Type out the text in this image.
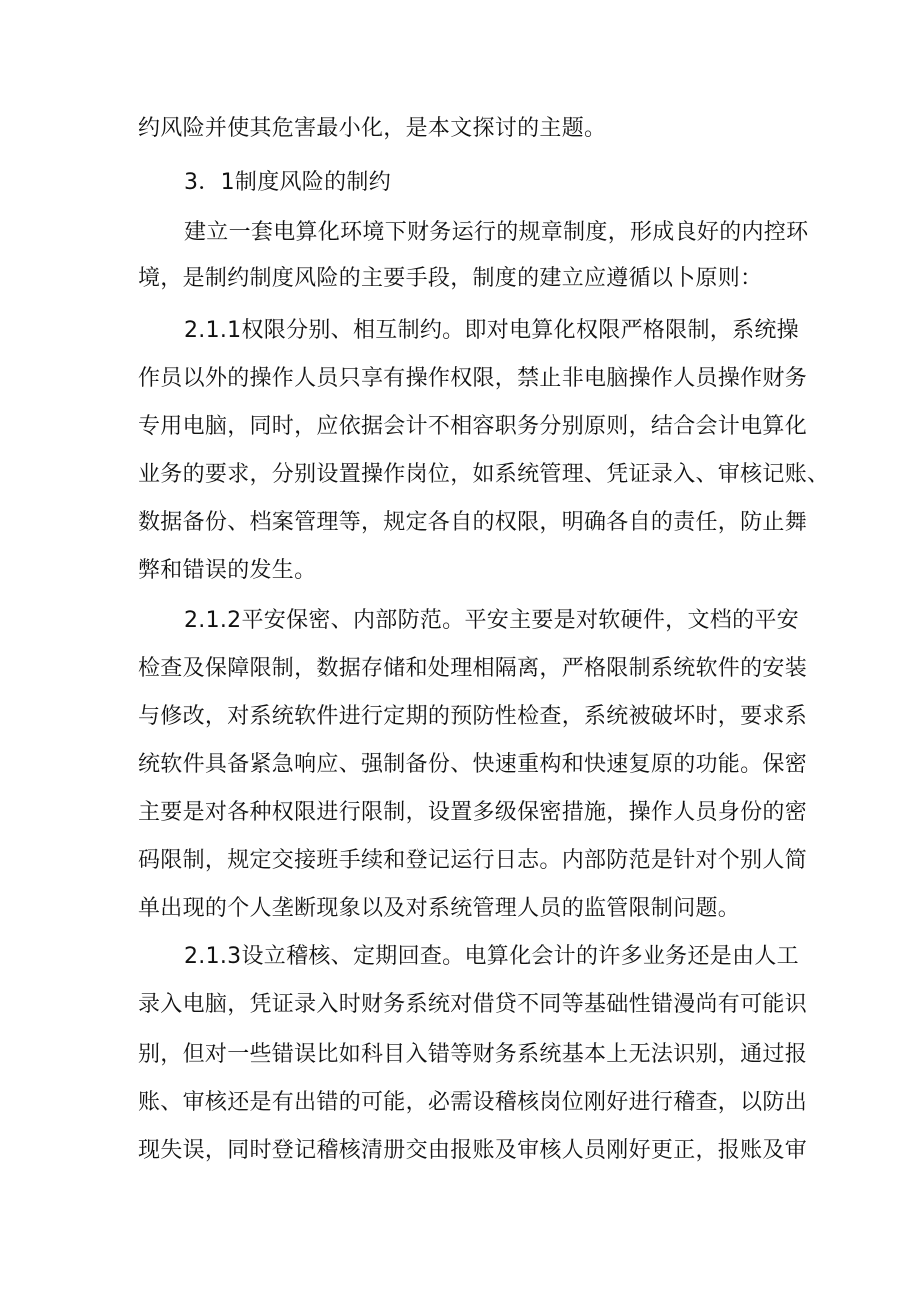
约风险并使其危害最小化，是本文探讨的主题。
3．1制度风险的制约
建立一套电算化环境下财务运行的规章制度，形成良好的内控环
境，是制约制度风险的主要手段，制度的建立应遵循以卜原则：
2.1.1权限分别、相互制约。即对电算化权限严格限制，系统操
作员以外的操作人员只享有操作权限，禁止非电脑操作人员操作财务
专用电脑，同时，应依据会计不相容职务分别原则，结合会计电算化
业务的要求，分别设置操作岗位，如系统管理、凭证录入、审核记账、
数据备份、档案管理等，规定各自的权限，明确各自的责任，防止舞
弊和错误的发生。
2.1.2平安保密、内部防范。平安主要是对软硬件，文档的平安
检查及保障限制，数据存储和处理相隔离，严格限制系统软件的安装
与修改，对系统软件进行定期的预防性检查，系统被破坏时，要求系
统软件具备紧急响应、强制备份、快速重构和快速复原的功能。保密
主要是对各种权限进行限制，设置多级保密措施，操作人员身份的密
码限制，规定交接班手续和登记运行日志。内部防范是针对个别人简
单出现的个人垄断现象以及对系统管理人员的监管限制问题。
2.1.3设立稽核、定期回查。电算化会计的许多业务还是由人工
录入电脑，凭证录入时财务系统对借贷不同等基础性错漫尚有可能识
别，但对一些错误比如科目入错等财务系统基本上无法识别，通过报
账、审核还是有出错的可能，必需设稽核岗位刚好进行稽查，以防出
现失误，同时登记稽核清册交由报账及审核人员刚好更正，报账及审
